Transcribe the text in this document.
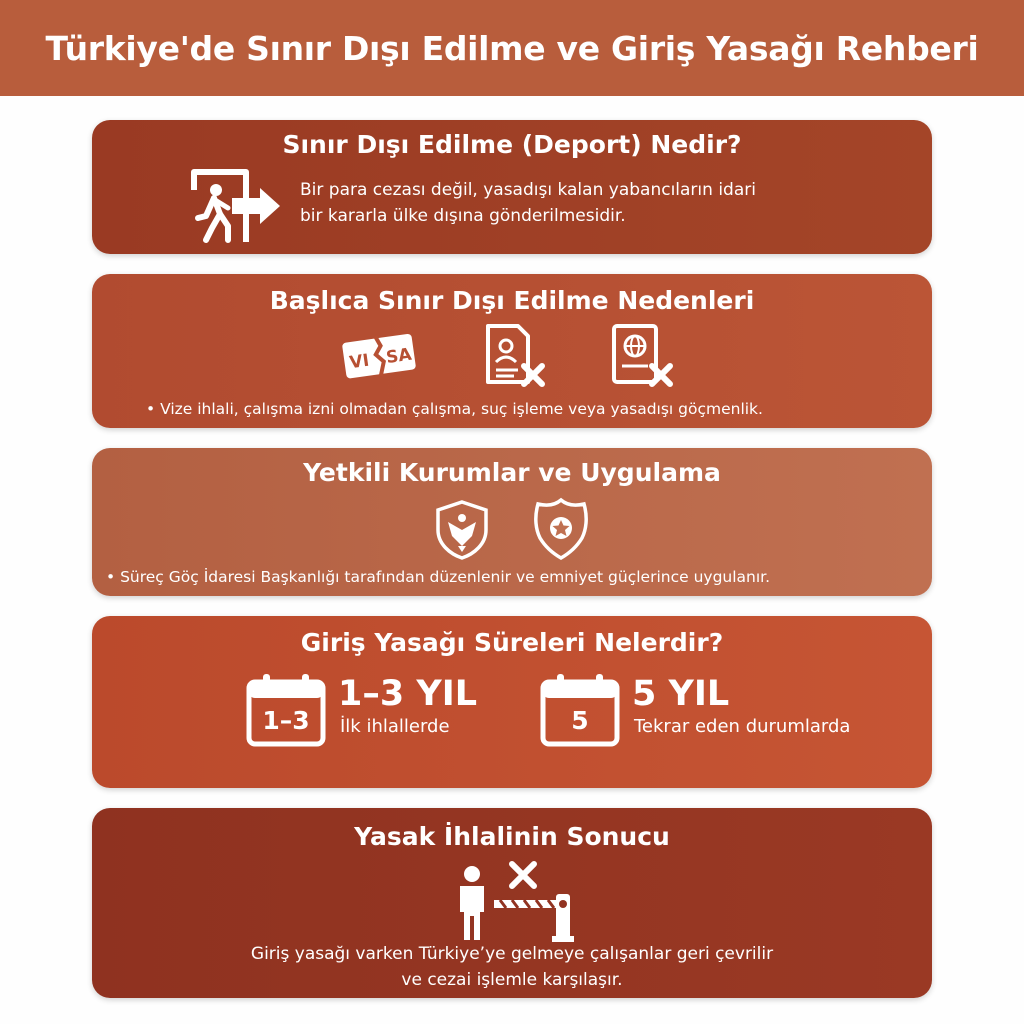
Türkiye'de Sınır Dışı Edilme ve Giriş Yasağı Rehberi
Sınır Dışı Edilme (Deport) Nedir?
Bir para cezası değil, yasadışı kalan yabancıların idari
bir kararla ülke dışına gönderilmesidir.
Başlıca Sınır Dışı Edilme Nedenleri
VI SA
• Vize ihlali, çalışma izni olmadan çalışma, suç işleme veya yasadışı göçmenlik.
Yetkili Kurumlar ve Uygulama
• Süreç Göç İdaresi Başkanlığı tarafından düzenlenir ve emniyet güçlerince uygulanır.
Giriş Yasağı Süreleri Nelerdir?
1–3
1–3 YIL
İlk ihlallerde	5
5 YIL
Tekrar eden durumlarda
Yasak İhlalinin Sonucu
Giriş yasağı varken Türkiye’ye gelmeye çalışanlar geri çevrilir
ve cezai işlemle karşılaşır.
